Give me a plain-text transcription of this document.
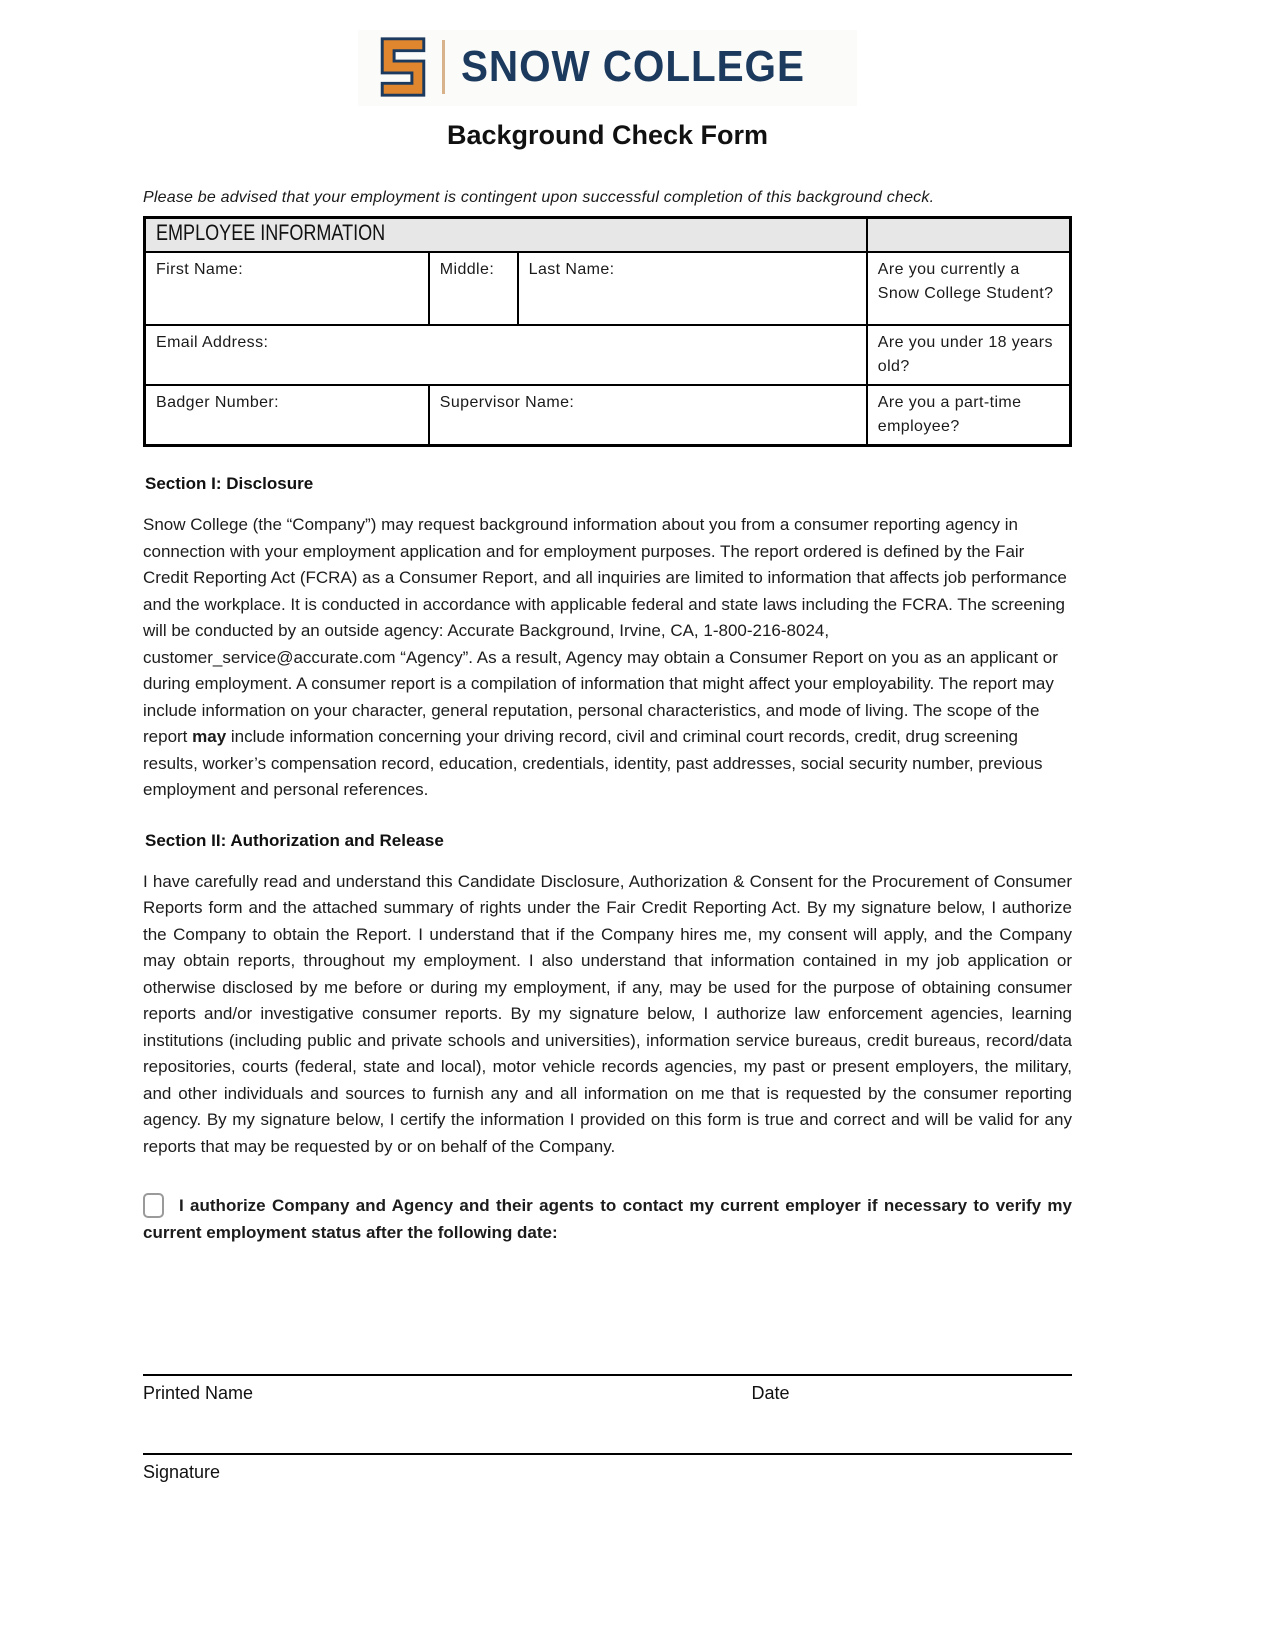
SNOW COLLEGE
Background Check Form
Please be advised that your employment is contingent upon successful completion of this background check.
EMPLOYEE INFORMATION			
First Name:	Middle:	Last Name:	Are you currently a Snow College Student?
Email Address:			Are you under 18 years old?
Badger Number:	Supervisor Name:		Are you a part-time employee?
Section I: Disclosure
Snow College (the “Company”) may request background information about you from a consumer reporting agency in connection with your employment application and for employment purposes. The report ordered is defined by the Fair Credit Reporting Act (FCRA) as a Consumer Report, and all inquiries are limited to information that affects job performance and the workplace. It is conducted in accordance with applicable federal and state laws including the FCRA. The screening will be conducted by an outside agency: Accurate Background, Irvine, CA, 1-800-216-8024, customer_service@accurate.com “Agency”. As a result, Agency may obtain a Consumer Report on you as an applicant or during employment. A consumer report is a compilation of information that might affect your employability. The report may include information on your character, general reputation, personal characteristics, and mode of living. The scope of the report may include information concerning your driving record, civil and criminal court records, credit, drug screening results, worker’s compensation record, education, credentials, identity, past addresses, social security number, previous employment and personal references.
Section II: Authorization and Release
I have carefully read and understand this Candidate Disclosure, Authorization & Consent for the Procurement of Consumer Reports form and the attached summary of rights under the Fair Credit Reporting Act. By my signature below, I authorize the Company to obtain the Report. I understand that if the Company hires me, my consent will apply, and the Company may obtain reports, throughout my employment. I also understand that information contained in my job application or otherwise disclosed by me before or during my employment, if any, may be used for the purpose of obtaining consumer reports and/or investigative consumer reports. By my signature below, I authorize law enforcement agencies, learning institutions (including public and private schools and universities), information service bureaus, credit bureaus, record/data repositories, courts (federal, state and local), motor vehicle records agencies, my past or present employers, the military, and other individuals and sources to furnish any and all information on me that is requested by the consumer reporting agency. By my signature below, I certify the information I provided on this form is true and correct and will be valid for any reports that may be requested by or on behalf of the Company.
I authorize Company and Agency and their agents to contact my current employer if necessary to verify my current employment status after the following date:
Printed Name	Date
Signature
